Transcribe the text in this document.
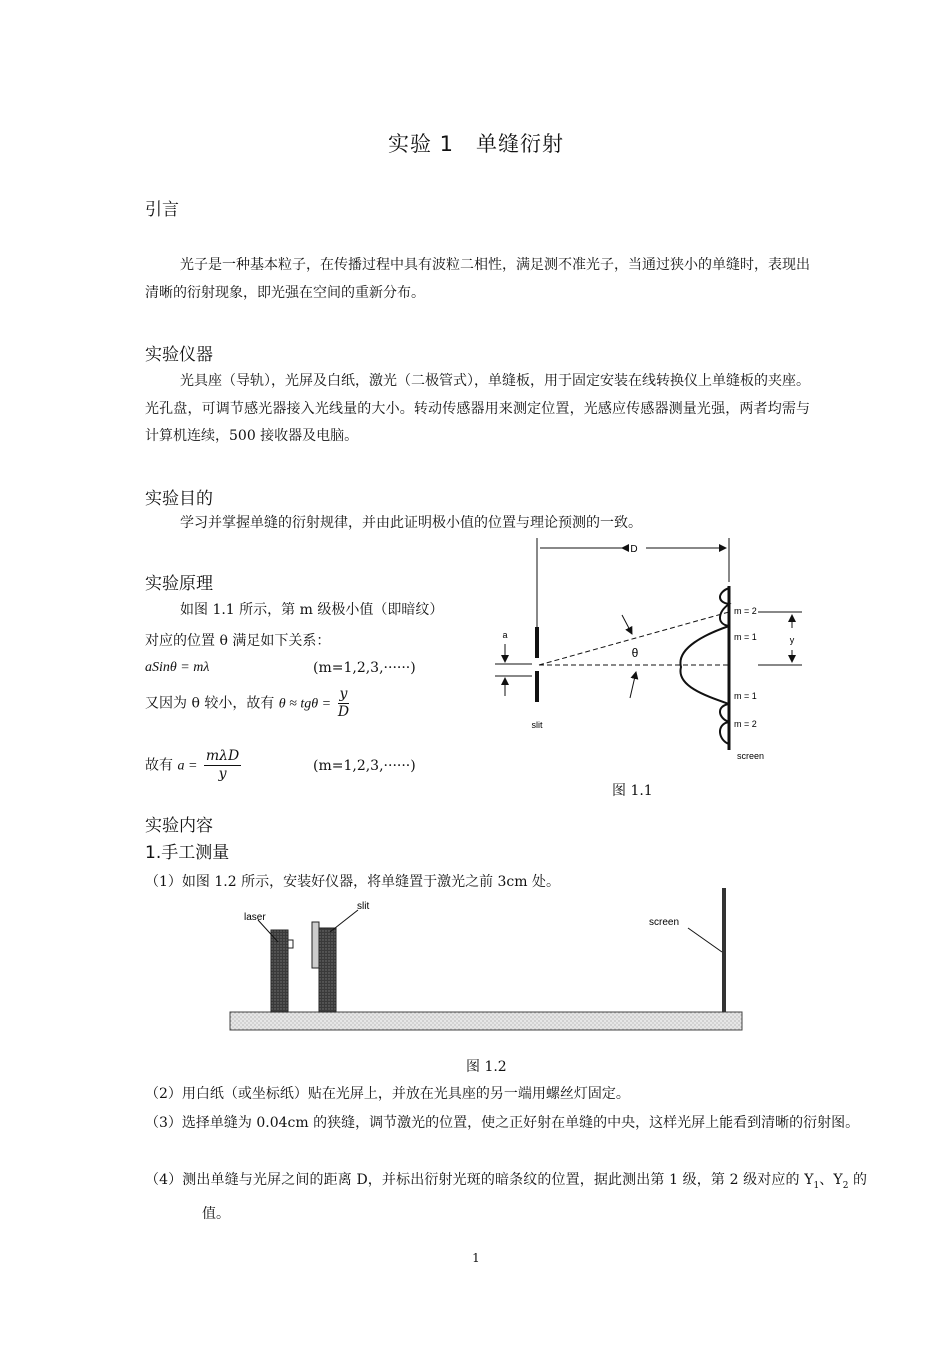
实验 1　单缝衍射
引言
光子是一种基本粒子，在传播过程中具有波粒二相性，满足测不准光子，当通过狭小的单缝时，表现出清晰的衍射现象，即光强在空间的重新分布。
实验仪器
光具座（导轨），光屏及白纸，激光（二极管式），单缝板，用于固定安装在线转换仪上单缝板的夹座。光孔盘，可调节感光器接入光线量的大小。转动传感器用来测定位置，光感应传感器测量光强，两者均需与计算机连续，500 接收器及电脑。
实验目的
学习并掌握单缝的衍射规律，并由此证明极小值的位置与理论预测的一致。
实验原理
如图 1.1 所示，第 m 级极小值（即暗纹）
对应的位置 θ 满足如下关系：
aSinθ = mλ	(m=1,2,3,······)
又因为 θ 较小，故有 $\theta \approx tg\theta = \frac{y}{D}$
故有 $a = \frac{\text{mλD}}{y}$	(m=1,2,3,······)
D
slit
a
θ
screen
m = 2
m = 1
m = 1
m = 2
y
图 1.1
实验内容
1.手工测量
（1）如图 1.2 所示，安装好仪器，将单缝置于激光之前 3cm 处。
laser
slit
screen
图 1.2
（2）用白纸（或坐标纸）贴在光屏上，并放在光具座的另一端用螺丝灯固定。
（3）选择单缝为 0.04cm 的狭缝，调节激光的位置，使之正好射在单缝的中央，这样光屏上能看到清晰的衍射图。
（4）测出单缝与光屏之间的距离 D，并标出衍射光斑的暗条纹的位置，据此测出第 1 级，第 2 级对应的 $Y_1$、$Y_2$ 的值。
1
